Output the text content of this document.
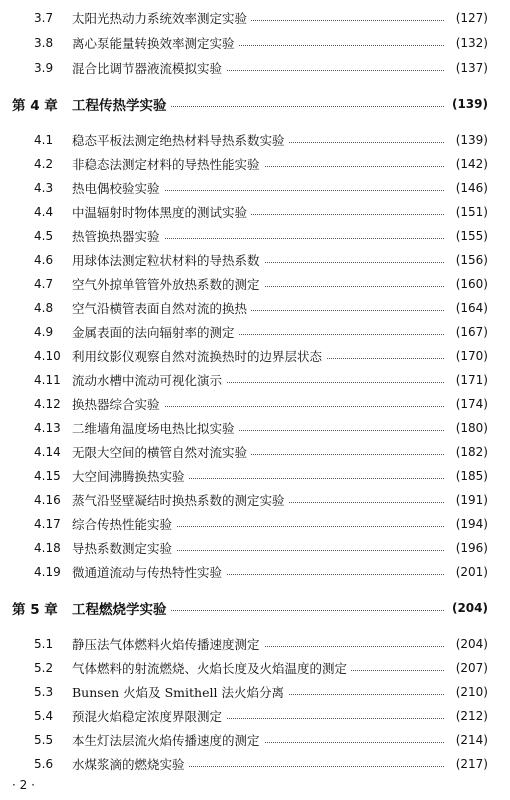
3.7	太阳光热动力系统效率测定实验	(127)
3.8	离心泵能量转换效率测定实验	(132)
3.9	混合比调节器液流模拟实验	(137)
第 4 章 工程传热学实验	(139)
4.1	稳态平板法测定绝热材料导热系数实验	(139)
4.2	非稳态法测定材料的导热性能实验	(142)
4.3	热电偶校验实验	(146)
4.4	中温辐射时物体黑度的测试实验	(151)
4.5	热管换热器实验	(155)
4.6	用球体法测定粒状材料的导热系数	(156)
4.7	空气外掠单管管外放热系数的测定	(160)
4.8	空气沿横管表面自然对流的换热	(164)
4.9	金属表面的法向辐射率的测定	(167)
4.10 利用纹影仪观察自然对流换热时的边界层状态	(170)
4.11 流动水槽中流动可视化演示	(171)
4.12 换热器综合实验	(174)
4.13 二维墙角温度场电热比拟实验	(180)
4.14 无限大空间的横管自然对流实验	(182)
4.15 大空间沸腾换热实验	(185)
4.16 蒸气沿竖壁凝结时换热系数的测定实验	(191)
4.17 综合传热性能实验	(194)
4.18 导热系数测定实验	(196)
4.19 微通道流动与传热特性实验	(201)
第 5 章 工程燃烧学实验	(204)
5.1	静压法气体燃料火焰传播速度测定	(204)
5.2	气体燃料的射流燃烧、火焰长度及火焰温度的测定	(207)
5.3	Bunsen 火焰及 Smithell 法火焰分离	(210)
5.4	预混火焰稳定浓度界限测定	(212)
5.5	本生灯法层流火焰传播速度的测定	(214)
5.6	水煤浆滴的燃烧实验	(217)
· 2 ·
